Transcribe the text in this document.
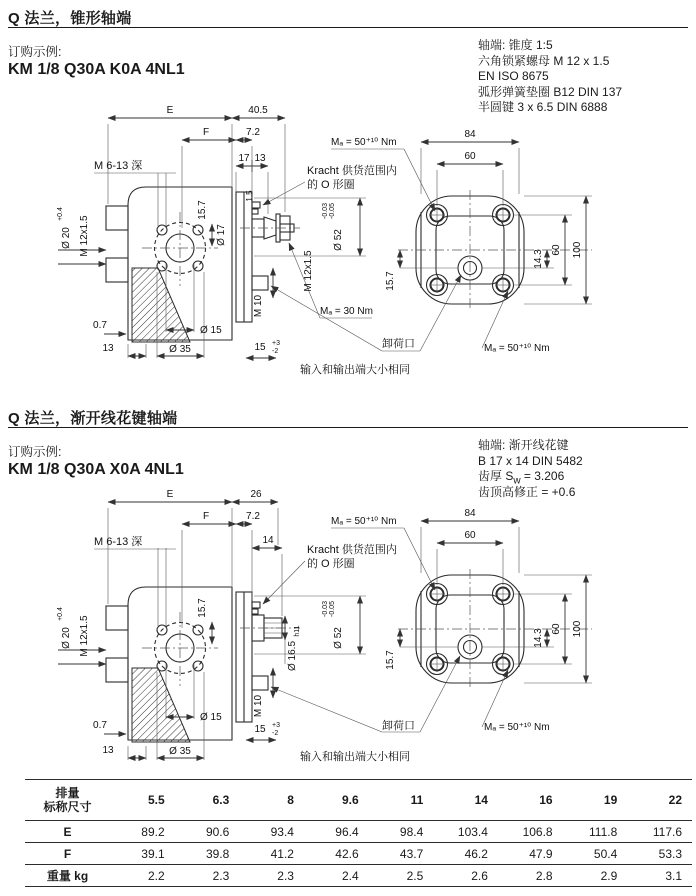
Q 法兰，锥形轴端
订购示例:
KM 1/8 Q30A K0A 4NL1
轴端: 锥度 1:5
六角锁紧螺母 M 12 x 1.5
EN ISO 8675
弧形弹簧垫圈 B12 DIN 137
半圆键 3 x 6.5 DIN 6888
E	40.5
F	7.2
17 13
M 6-13 深
Mₐ = 50⁺¹⁰ Nm
Kracht 供货范围内
的 O 形圈
Ø 20
+0.4
M 12x1.5
15.7
1.5
Ø 17	Ø 52
-0.03 -0.05
M 12x1.5
Mₐ = 30 Nm
M 10
Ø 15
Ø 35
0.7
13	15 +3
-2
卸荷口
输入和输出端大小相同
84
60
14.3 60 100
15.7
Mₐ = 50⁺¹⁰ Nm
Q 法兰，渐开线花键轴端
订购示例:
KM 1/8 Q30A X0A 4NL1
轴端: 渐开线花键
B 17 x 14 DIN 5482
齿厚 $S_w = 3.206$
齿顶高修正 = +0.6
E	26
F	7.2
14
M 6-13 深
Mₐ = 50⁺¹⁰ Nm
Kracht 供货范围内
的 O 形圈
Ø 20
+0.4
M 12x1.5
15.7
Ø 52
-0.03 -0.05
Ø 16.5
h11
M 10
Ø 15
Ø 35
0.7
13
15 +3
-2
卸荷口
输入和输出端大小相同
84
60
14.3 60 100
15.7
Mₐ = 50⁺¹⁰ Nm
排量
标称尺寸	5.5	6.3	8	9.6	11	14	16	19	22
E	89.2	90.6	93.4	96.4	98.4	103.4	106.8	111.8	117.6
F	39.1	39.8	41.2	42.6	43.7	46.2	47.9	50.4	53.3
重量 kg	2.2	2.3	2.3	2.4	2.5	2.6	2.8	2.9	3.1
